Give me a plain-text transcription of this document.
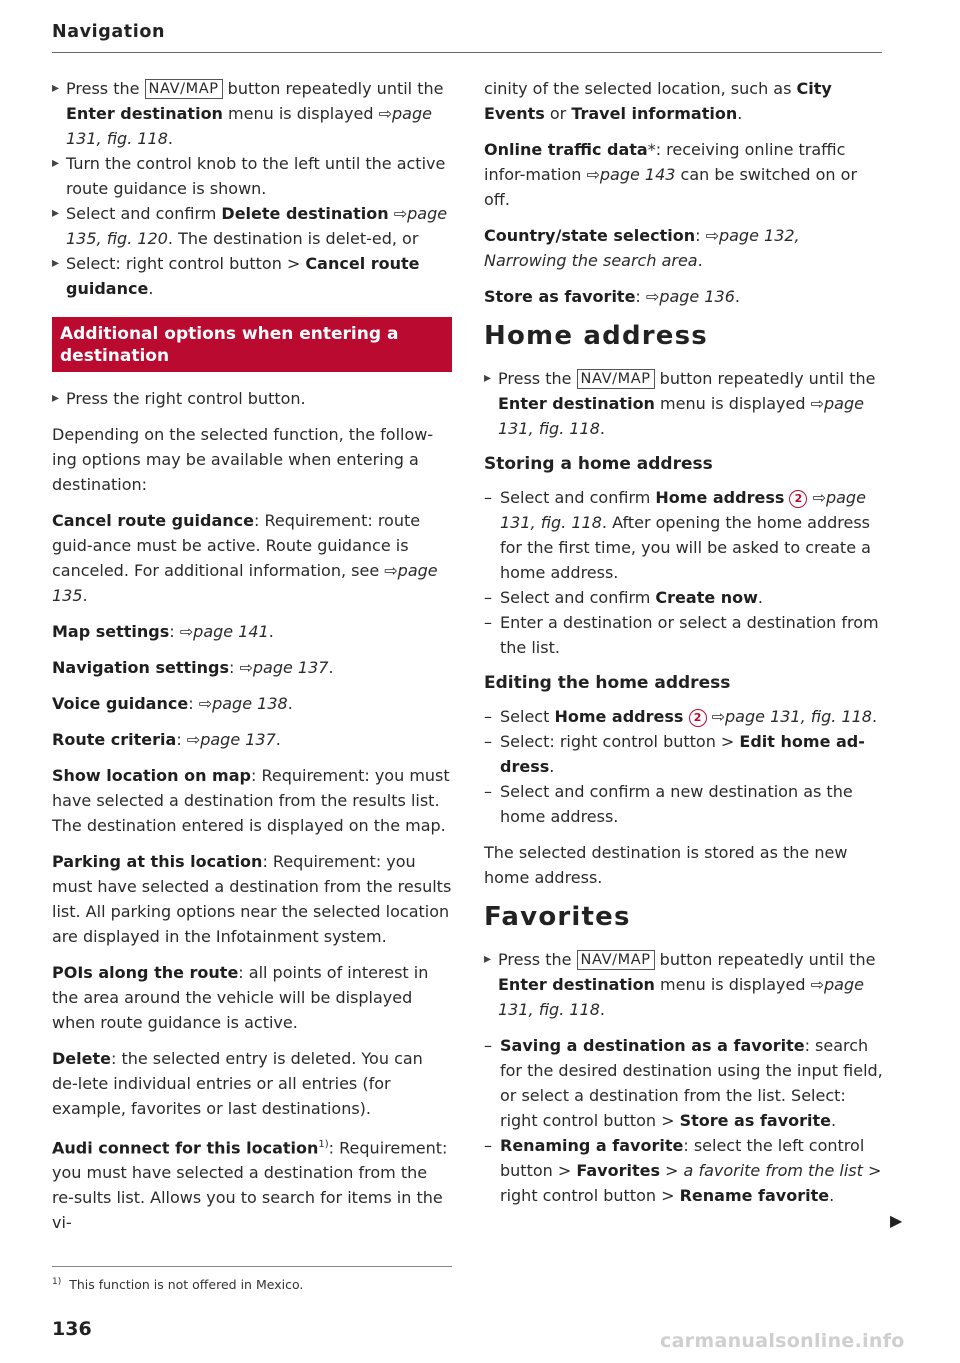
Navigation

▸ Press the NAV/MAP button repeatedly until the Enter destination menu is displayed ⇨page 131, fig. 118.

▸ Turn the control knob to the left until the active route guidance is shown.

▸ Select and confirm Delete destination ⇨page 135, fig. 120. The destination is delet-ed, or

▸ Select: right control button > Cancel route guidance.

Additional options when entering a destination

▸ Press the right control button.

Depending on the selected function, the follow-ing options may be available when entering a destination:

Cancel route guidance: Requirement: route guid-ance must be active. Route guidance is canceled. For additional information, see ⇨page 135.

Map settings: ⇨page 141.

Navigation settings: ⇨page 137.

Voice guidance: ⇨page 138.

Route criteria: ⇨page 137.

Show location on map: Requirement: you must have selected a destination from the results list. The destination entered is displayed on the map.

Parking at this location: Requirement: you must have selected a destination from the results list. All parking options near the selected location are displayed in the Infotainment system.

POIs along the route: all points of interest in the area around the vehicle will be displayed when route guidance is active.

Delete: the selected entry is deleted. You can de-lete individual entries or all entries (for example, favorites or last destinations).

Audi connect for this location$^{1)}$: Requirement: you must have selected a destination from the re-sults list. Allows you to search for items in the vi-

cinity of the selected location, such as City Events or Travel information.

Online traffic data*: receiving online traffic infor-mation ⇨page 143 can be switched on or off.

Country/state selection: ⇨page 132, Narrowing the search area.

Store as favorite: ⇨page 136.

Home address

▸ Press the NAV/MAP button repeatedly until the Enter destination menu is displayed ⇨page 131, fig. 118.

Storing a home address

– Select and confirm Home address 2 ⇨page 131, fig. 118. After opening the home address for the first time, you will be asked to create a home address.

– Select and confirm Create now.

– Enter a destination or select a destination from the list.

Editing the home address

– Select Home address 2 ⇨page 131, fig. 118.

– Select: right control button > Edit home ad-dress.

– Select and confirm a new destination as the home address.

The selected destination is stored as the new home address.

Favorites

▸ Press the NAV/MAP button repeatedly until the Enter destination menu is displayed ⇨page 131, fig. 118.

– Saving a destination as a favorite: search for the desired destination using the input field, or select a destination from the list. Select: right control button > Store as favorite.

– Renaming a favorite: select the left control button > Favorites > a favorite from the list > right control button > Rename favorite.

▶
$^{1)}$ This function is not offered in Mexico.
136
carmanualsonline.info
